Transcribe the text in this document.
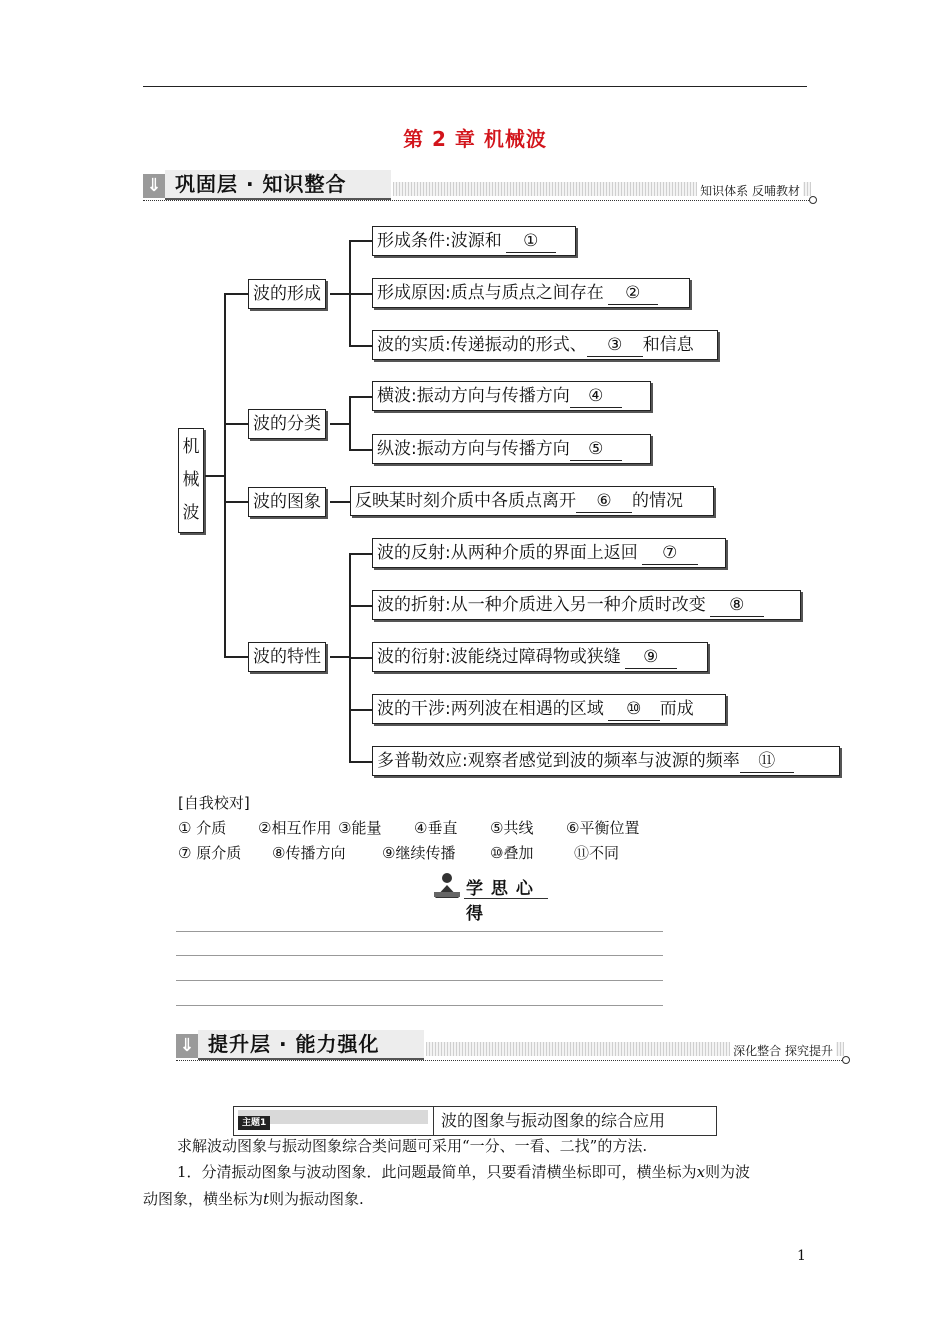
第 2 章 机械波
⇓ 巩固层 · 知识整合	知识体系 反哺教材
机
械
波
波的形成
波的分类
波的图象
波的特性
形成条件:波源和 ①
形成原因:质点与质点之间存在 ②
波的实质:传递振动的形式、 ③ 和信息
横波:振动方向与传播方向 ④
纵波:振动方向与传播方向 ⑤
反映某时刻介质中各质点离开 ⑥ 的情况
波的反射:从两种介质的界面上返回 ⑦
波的折射:从一种介质进入另一种介质时改变 ⑧
波的衍射:波能绕过障碍物或狭缝 ⑨
波的干涉:两列波在相遇的区域 ⑩ 而成
多普勒效应:观察者感觉到波的频率与波源的频率 ⑪
[自我校对]
① 介质 ②相互作用 ③能量 ④垂直 ⑤共线 ⑥平衡位置
⑦ 原介质 ⑧传播方向 ⑨继续传播 ⑩叠加	⑪不同
学 思 心 得
⇓ 提升层 · 能力强化	深化整合 探究提升
主题1	波的图象与振动图象的综合应用
求解波动图象与振动图象综合类问题可采用“一分、一看、二找”的方法.
1．分清振动图象与波动图象．此问题最简单，只要看清横坐标即可，横坐标为x则为波
动图象，横坐标为t则为振动图象.
1
